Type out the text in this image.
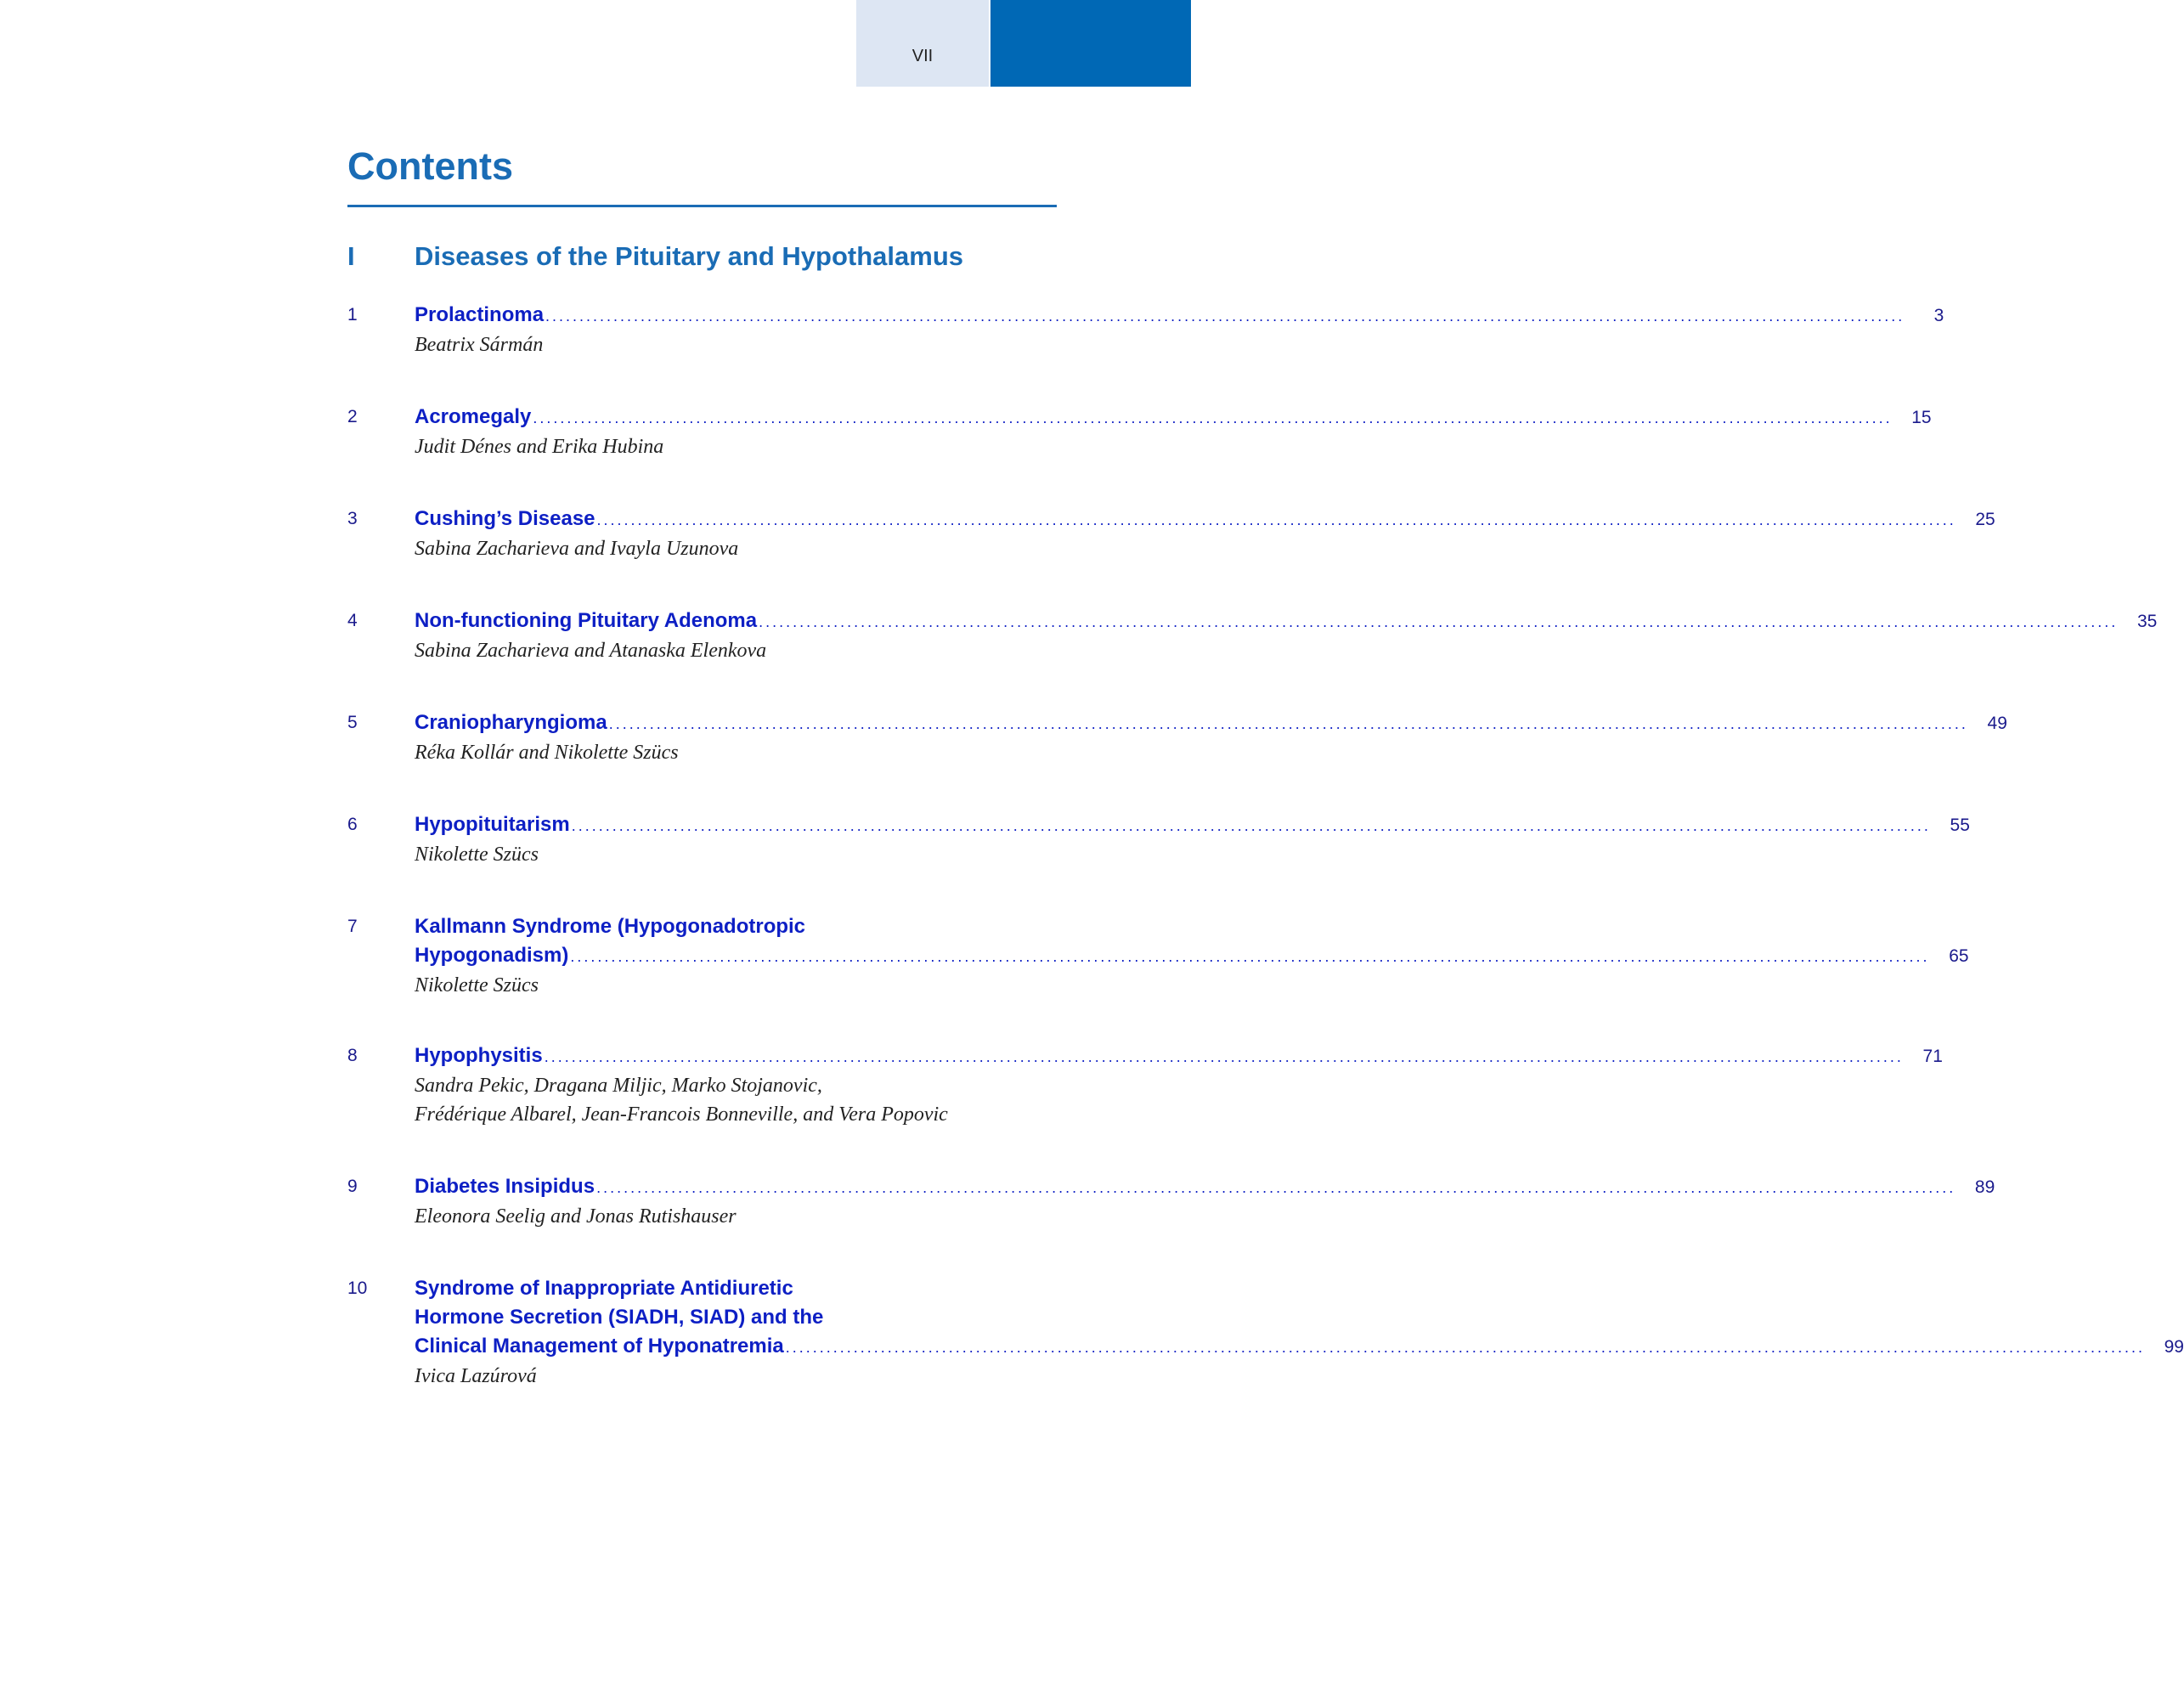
VII
Contents
I Diseases of the Pituitary and Hypothalamus
1	Prolactinoma ........................................................................................................................................................................................................	3
Beatrix Sármán
2	Acromegaly ........................................................................................................................................................................................................	15
Judit Dénes and Erika Hubina
3	Cushing’s Disease ........................................................................................................................................................................................................	25
Sabina Zacharieva and Ivayla Uzunova
4	Non-functioning Pituitary Adenoma ........................................................................................................................................................................................................	35
Sabina Zacharieva and Atanaska Elenkova
5	Craniopharyngioma ........................................................................................................................................................................................................	49
Réka Kollár and Nikolette Szücs
6	Hypopituitarism ........................................................................................................................................................................................................	55
Nikolette Szücs
7	Kallmann Syndrome (Hypogonadotropic
Hypogonadism) ........................................................................................................................................................................................................	65
Nikolette Szücs
8	Hypophysitis ........................................................................................................................................................................................................	71
Sandra Pekic, Dragana Miljic, Marko Stojanovic,
Frédérique Albarel, Jean-Francois Bonneville, and Vera Popovic
9	Diabetes Insipidus ........................................................................................................................................................................................................	89
Eleonora Seelig and Jonas Rutishauser
10 Syndrome of Inappropriate Antidiuretic
Hormone Secretion (SIADH, SIAD) and the
Clinical Management of Hyponatremia ........................................................................................................................................................................................................	99
Ivica Lazúrová
